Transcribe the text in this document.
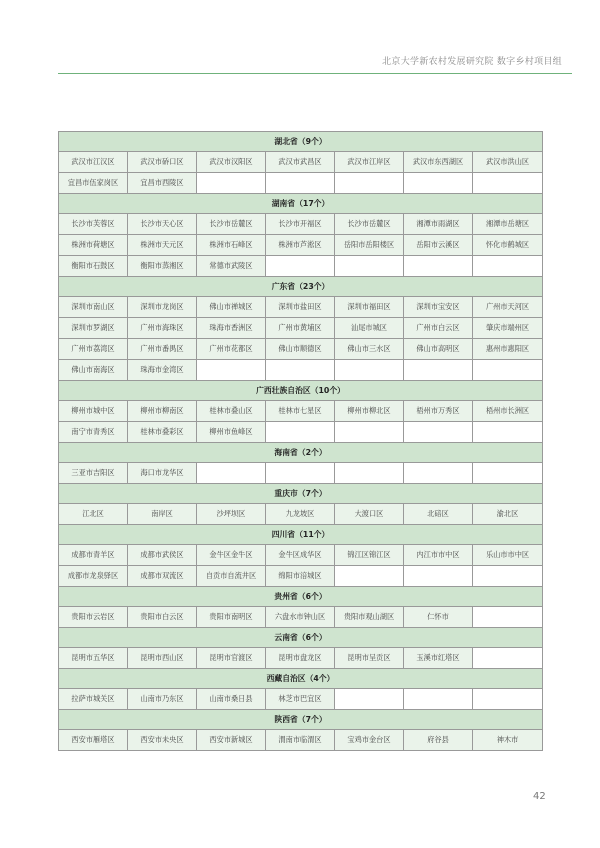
北京大学新农村发展研究院 数字乡村项目组
湖北省（9个）						
武汉市江汉区	武汉市硚口区	武汉市汉阳区	武汉市武昌区	武汉市江岸区	武汉市东西湖区	武汉市洪山区
宜昌市伍家岗区	宜昌市西陵区					
湖南省（17个）						
长沙市芙蓉区	长沙市天心区	长沙市岳麓区	长沙市开福区	长沙市岳麓区	湘潭市雨湖区	湘潭市岳塘区
株洲市荷塘区	株洲市天元区	株洲市石峰区	株洲市芦淞区	岳阳市岳阳楼区	岳阳市云溪区	怀化市鹤城区
衡阳市石鼓区	衡阳市蒸湘区	常德市武陵区				
广东省（23个）						
深圳市南山区	深圳市龙岗区	佛山市禅城区	深圳市盐田区	深圳市福田区	深圳市宝安区	广州市天河区
深圳市罗湖区	广州市海珠区	珠海市香洲区	广州市黄埔区	汕尾市城区	广州市白云区	肇庆市端州区
广州市荔湾区	广州市番禺区	广州市花都区	佛山市顺德区	佛山市三水区	佛山市高明区	惠州市惠阳区
佛山市南海区	珠海市金湾区					
广西壮族自治区（10个）						
柳州市城中区	柳州市柳南区	桂林市叠山区	桂林市七星区	柳州市柳北区	梧州市万秀区	梧州市长洲区
南宁市青秀区	桂林市叠彩区	柳州市鱼峰区				
海南省（2个）						
三亚市吉阳区	海口市龙华区					
重庆市（7个）						
江北区	南岸区	沙坪坝区	九龙坡区	大渡口区	北碚区	渝北区
四川省（11个）						
成都市青羊区	成都市武侯区	金牛区金牛区	金牛区成华区	锦江区锦江区	内江市市中区	乐山市市中区
成都市龙泉驿区	成都市双流区	自贡市自流井区	绵阳市涪城区			
贵州省（6个）						
贵阳市云岩区	贵阳市白云区	贵阳市南明区	六盘水市钟山区	贵阳市观山湖区	仁怀市	
云南省（6个）						
昆明市五华区	昆明市西山区	昆明市官渡区	昆明市盘龙区	昆明市呈贡区	玉溪市红塔区	
西藏自治区（4个）						
拉萨市城关区	山南市乃东区	山南市桑日县	林芝市巴宜区			
陕西省（7个）						
西安市雁塔区	西安市未央区	西安市新城区	渭南市临渭区	宝鸡市金台区	府谷县	神木市
42
